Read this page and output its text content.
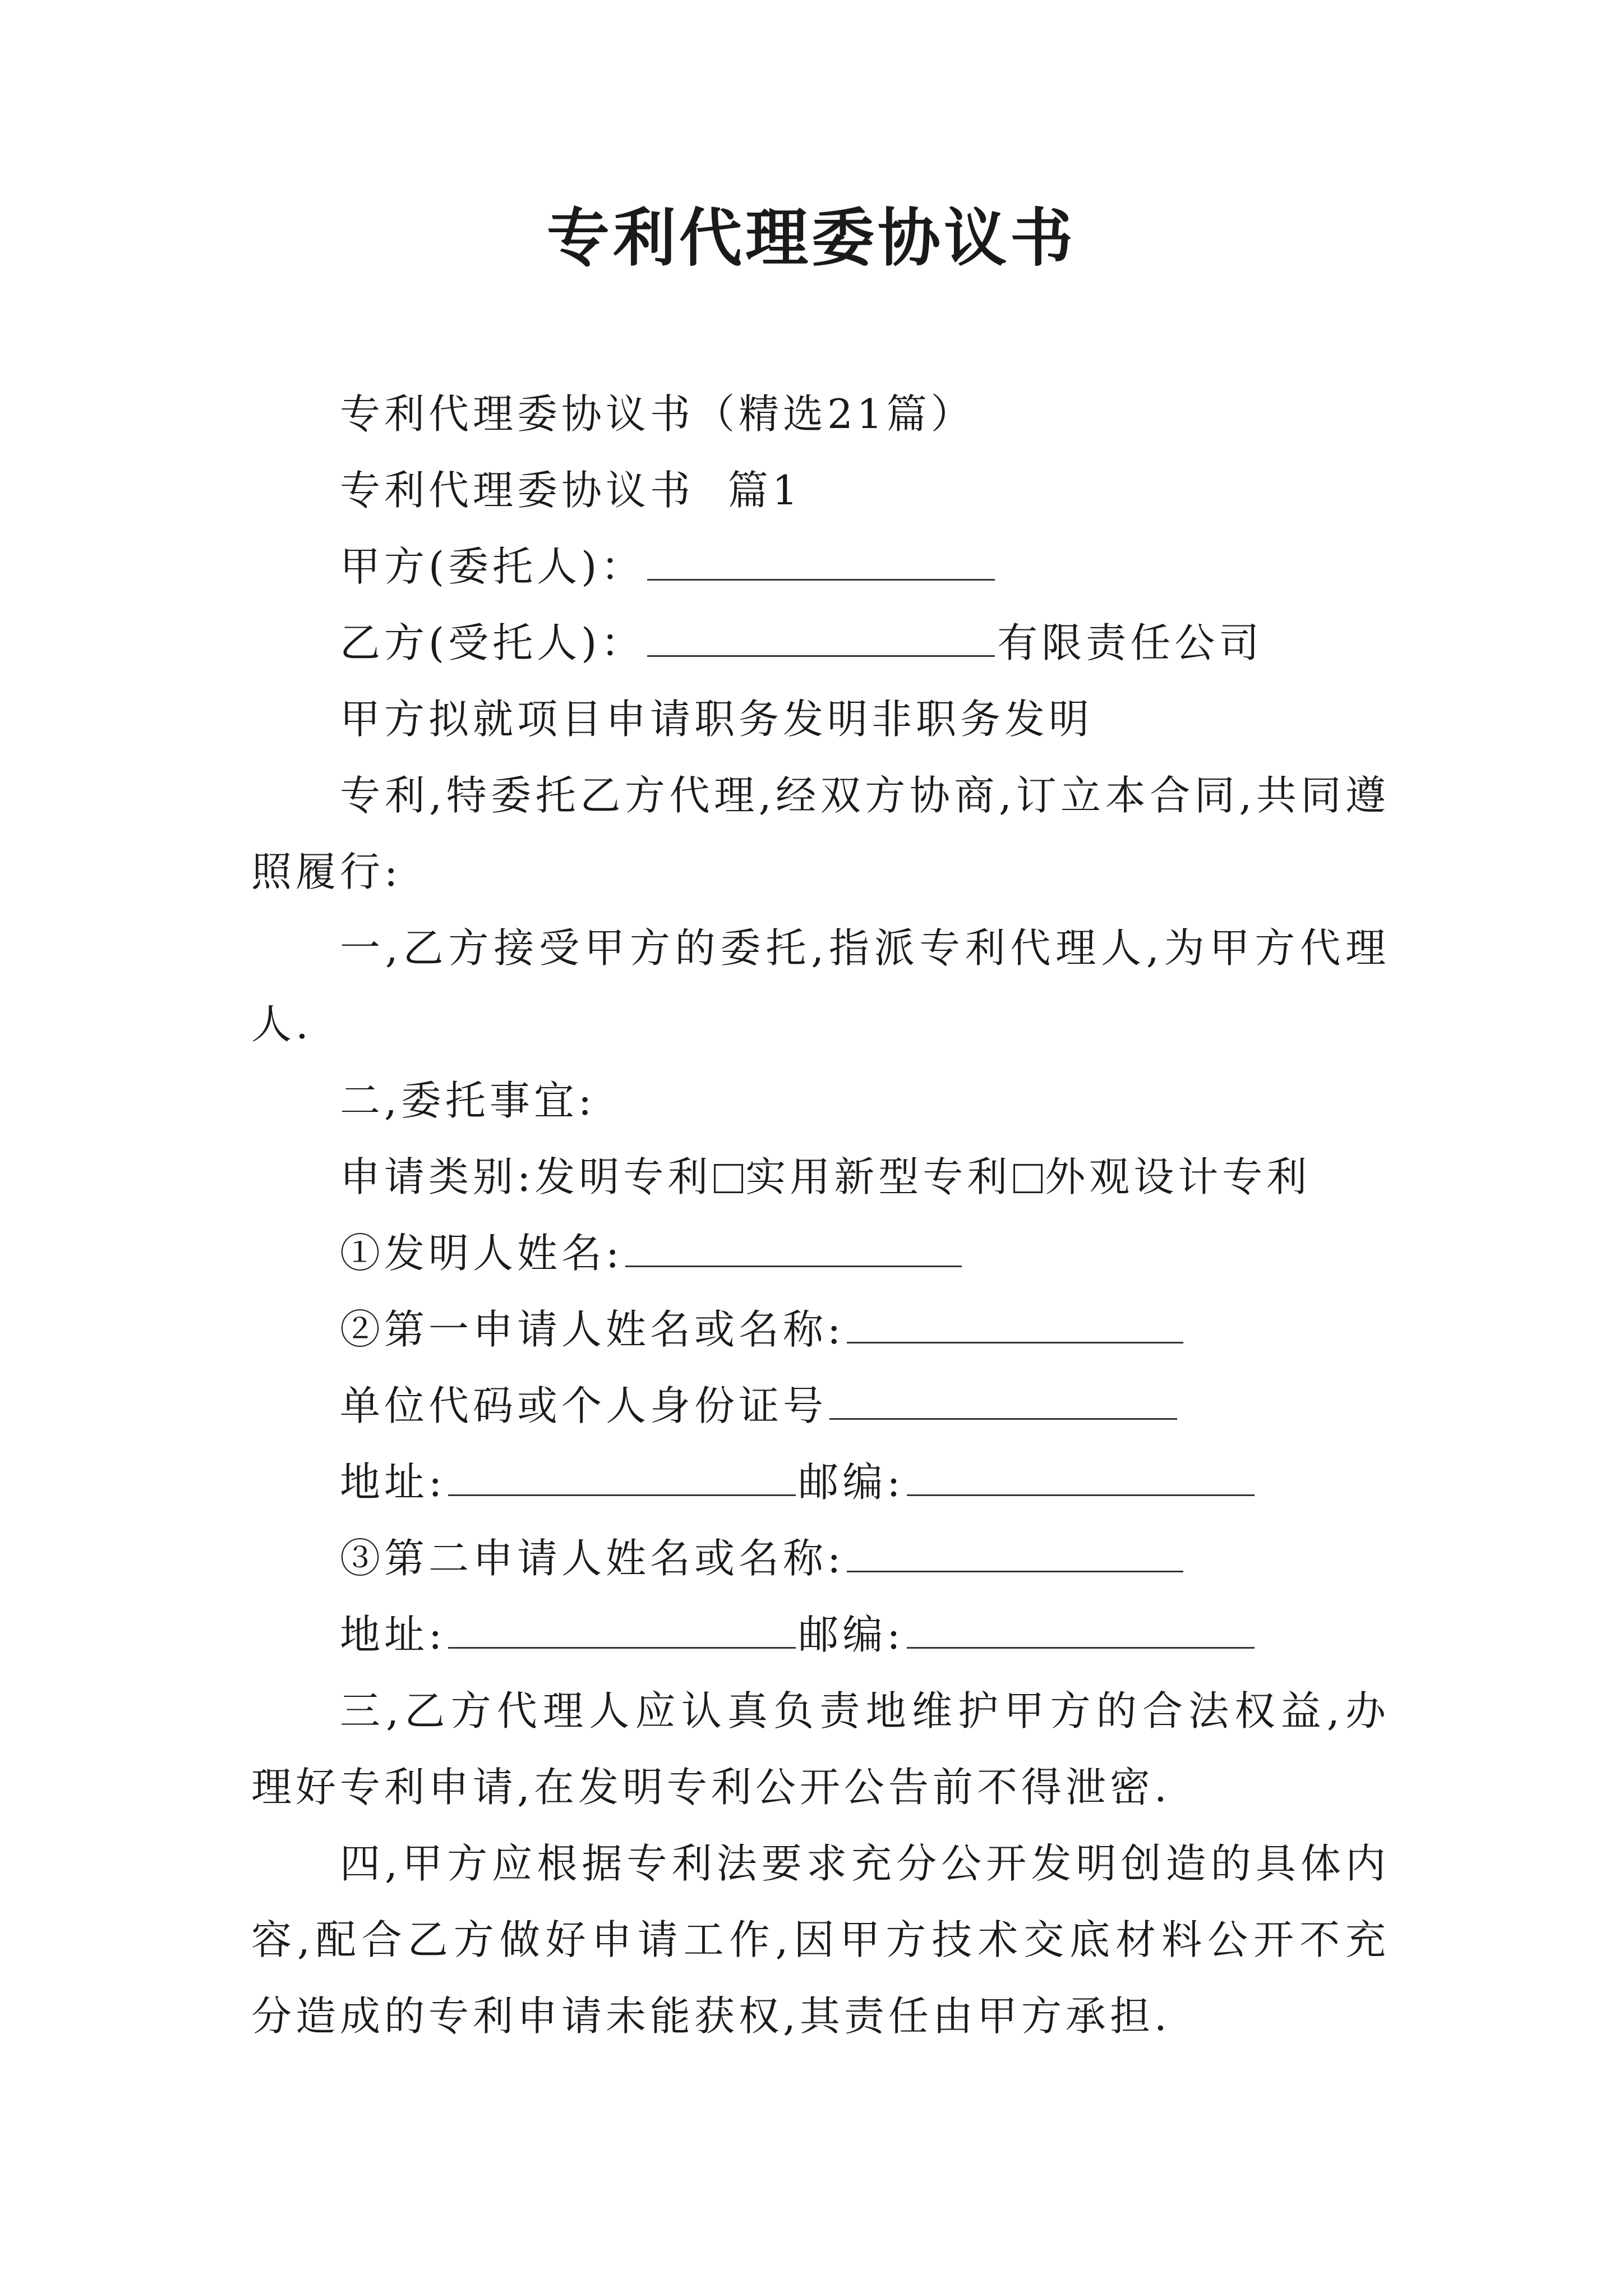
专利代理委协议书

专利代理委协议书（精选21篇）

专利代理委协议书  篇1

甲方(委托人)：

乙方(受托人)：	有限责任公司

甲方拟就项目申请职务发明非职务发明

专利,特委托乙方代理,经双方协商,订立本合同,共同遵照履行:

一,乙方接受甲方的委托,指派专利代理人,为甲方代理人.

二,委托事宜:

申请类别:发明专利 实用新型专利 外观设计专利

①发明人姓名:

②第一申请人姓名或名称:

单位代码或个人身份证号

地址:	邮编:

③第二申请人姓名或名称:

地址:	邮编:

三,乙方代理人应认真负责地维护甲方的合法权益,办理好专利申请,在发明专利公开公告前不得泄密.

四,甲方应根据专利法要求充分公开发明创造的具体内容,配合乙方做好申请工作,因甲方技术交底材料公开不充分造成的专利申请未能获权,其责任由甲方承担.
